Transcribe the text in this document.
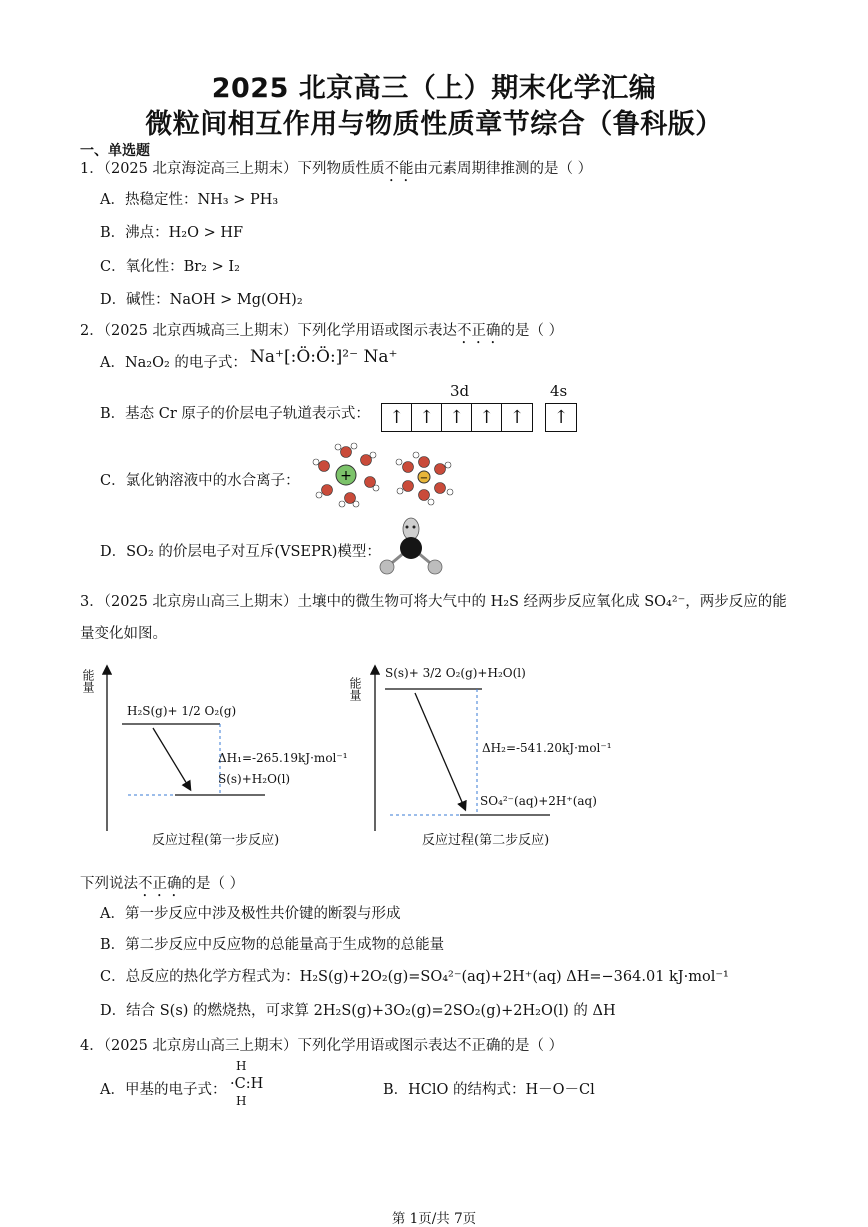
2025 北京高三（上）期末化学汇编
微粒间相互作用与物质性质章节综合（鲁科版）
一、单选题
1．（2025 北京海淀高三上期末）下列物质性质不能由元素周期律推测的是（ ）
A．热稳定性：NH₃ > PH₃
B．沸点：H₂O > HF
C．氧化性：Br₂ > I₂
D．碱性：NaOH > Mg(OH)₂
2．（2025 北京西城高三上期末）下列化学用语或图示表达不正确的是（ ）
A．Na₂O₂ 的电子式： Na⁺[:Ö:Ö:]²⁻ Na⁺
B．基态 Cr 原子的价层电子轨道表示式：
3d	4s
↑ ↑ ↑ ↑ ↑	↑
C．氯化钠溶液中的水合离子：	+	−
D．SO₂ 的价层电子对互斥(VSEPR)模型：
3．（2025 北京房山高三上期末）土壤中的微生物可将大气中的 H₂S 经两步反应氧化成 SO₄²⁻，两步反应的能
量变化如图。
能量
H₂S(g)+ 1/2 O₂(g)
ΔH₁=-265.19kJ·mol⁻¹
S(s)+H₂O(l)
反应过程(第一步反应)
能量
S(s)+ 3/2 O₂(g)+H₂O(l)
ΔH₂=-541.20kJ·mol⁻¹
SO₄²⁻(aq)+2H⁺(aq)
反应过程(第二步反应)
下列说法不正确的是（ ）
A．第一步反应中涉及极性共价键的断裂与形成
B．第二步反应中反应物的总能量高于生成物的总能量
C．总反应的热化学方程式为：H₂S(g)+2O₂(g)=SO₄²⁻(aq)+2H⁺(aq) ΔH=−364.01 kJ·mol⁻¹
D．结合 S(s) 的燃烧热，可求算 2H₂S(g)+3O₂(g)=2SO₂(g)+2H₂O(l) 的 ΔH
4．（2025 北京房山高三上期末）下列化学用语或图示表达不正确的是（ ）
A．甲基的电子式：
H
·C:H
H
B．HClO 的结构式：H－O－Cl
第 1页/共 7页
